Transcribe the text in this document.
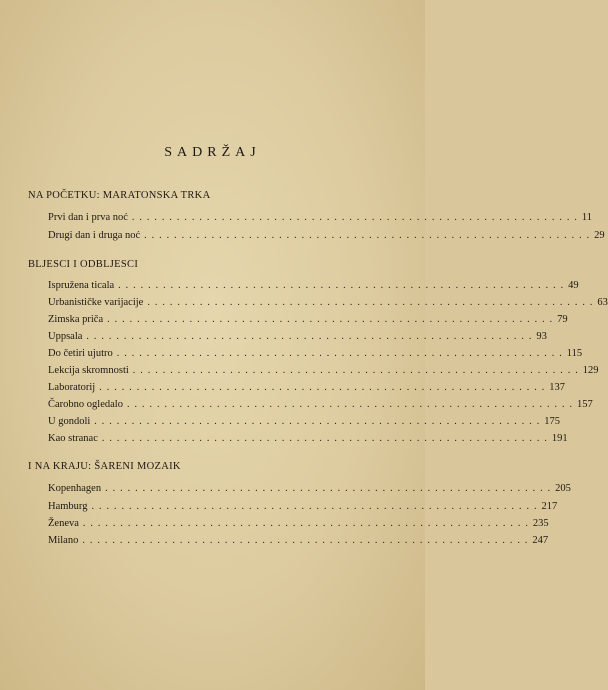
SADRŽAJ
NA POČETKU: MARATONSKA TRKA
Prvi dan i prva noć ............................................................ 11
Drugi dan i druga noć ............................................................ 29
BLJESCI I ODBLJESCI
Ispružena ticala ............................................................ 49
Urbanističke varijacije ............................................................ 63
Zimska priča ............................................................ 79
Uppsala ............................................................ 93
Do četiri ujutro ............................................................ 115
Lekcija skromnosti ............................................................ 129
Laboratorij ............................................................ 137
Čarobno ogledalo ............................................................ 157
U gondoli ............................................................ 175
Kao stranac ............................................................ 191
I NA KRAJU: ŠARENI MOZAIK
Kopenhagen ............................................................ 205
Hamburg ............................................................ 217
Ženeva ............................................................ 235
Milano ............................................................ 247
